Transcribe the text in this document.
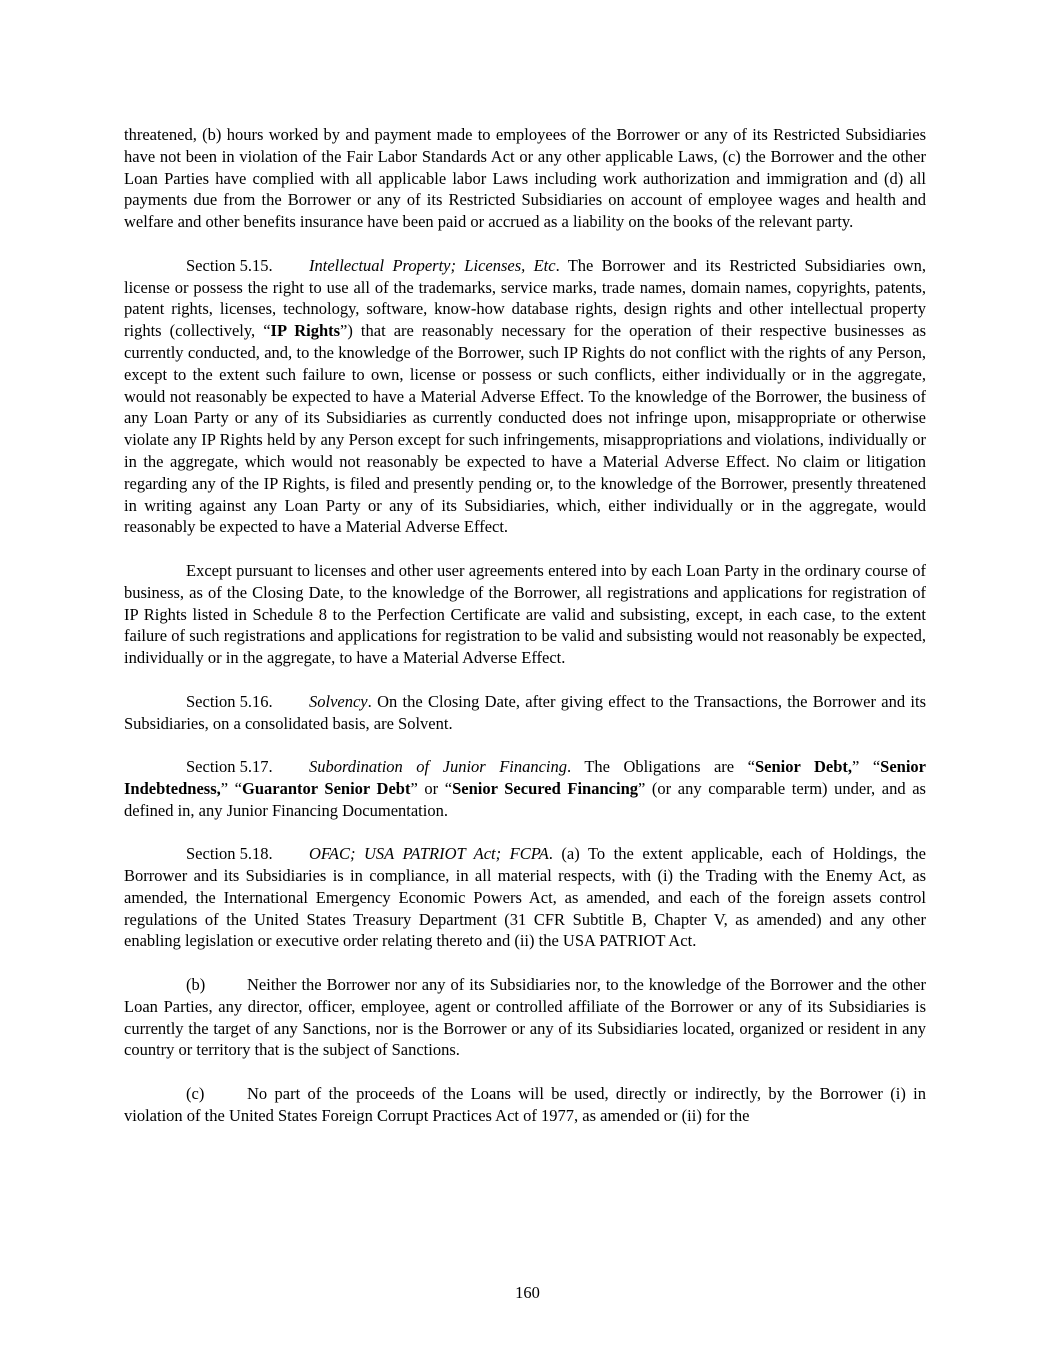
threatened, (b) hours worked by and payment made to employees of the Borrower or any of its Restricted Subsidiaries have not been in violation of the Fair Labor Standards Act or any other applicable Laws, (c) the Borrower and the other Loan Parties have complied with all applicable labor Laws including work authorization and immigration and (d) all payments due from the Borrower or any of its Restricted Subsidiaries on account of employee wages and health and welfare and other benefits insurance have been paid or accrued as a liability on the books of the relevant party.

Section 5.15. Intellectual Property; Licenses, Etc. The Borrower and its Restricted Subsidiaries own, license or possess the right to use all of the trademarks, service marks, trade names, domain names, copyrights, patents, patent rights, licenses, technology, software, know-how database rights, design rights and other intellectual property rights (collectively, “IP Rights”) that are reasonably necessary for the operation of their respective businesses as currently conducted, and, to the knowledge of the Borrower, such IP Rights do not conflict with the rights of any Person, except to the extent such failure to own, license or possess or such conflicts, either individually or in the aggregate, would not reasonably be expected to have a Material Adverse Effect. To the knowledge of the Borrower, the business of any Loan Party or any of its Subsidiaries as currently conducted does not infringe upon, misappropriate or otherwise violate any IP Rights held by any Person except for such infringements, misappropriations and violations, individually or in the aggregate, which would not reasonably be expected to have a Material Adverse Effect. No claim or litigation regarding any of the IP Rights, is filed and presently pending or, to the knowledge of the Borrower, presently threatened in writing against any Loan Party or any of its Subsidiaries, which, either individually or in the aggregate, would reasonably be expected to have a Material Adverse Effect.

Except pursuant to licenses and other user agreements entered into by each Loan Party in the ordinary course of business, as of the Closing Date, to the knowledge of the Borrower, all registrations and applications for registration of IP Rights listed in Schedule 8 to the Perfection Certificate are valid and subsisting, except, in each case, to the extent failure of such registrations and applications for registration to be valid and subsisting would not reasonably be expected, individually or in the aggregate, to have a Material Adverse Effect.

Section 5.16. Solvency. On the Closing Date, after giving effect to the Transactions, the Borrower and its Subsidiaries, on a consolidated basis, are Solvent.

Section 5.17. Subordination of Junior Financing. The Obligations are “Senior Debt,” “Senior Indebtedness,” “Guarantor Senior Debt” or “Senior Secured Financing” (or any comparable term) under, and as defined in, any Junior Financing Documentation.

Section 5.18. OFAC; USA PATRIOT Act; FCPA. (a) To the extent applicable, each of Holdings, the Borrower and its Subsidiaries is in compliance, in all material respects, with (i) the Trading with the Enemy Act, as amended, the International Emergency Economic Powers Act, as amended, and each of the foreign assets control regulations of the United States Treasury Department (31 CFR Subtitle B, Chapter V, as amended) and any other enabling legislation or executive order relating thereto and (ii) the USA PATRIOT Act.

(b)	Neither the Borrower nor any of its Subsidiaries nor, to the knowledge of the Borrower and the other Loan Parties, any director, officer, employee, agent or controlled affiliate of the Borrower or any of its Subsidiaries is currently the target of any Sanctions, nor is the Borrower or any of its Subsidiaries located, organized or resident in any country or territory that is the subject of Sanctions.

(c)	No part of the proceeds of the Loans will be used, directly or indirectly, by the Borrower (i) in violation of the United States Foreign Corrupt Practices Act of 1977, as amended or (ii) for the

160
